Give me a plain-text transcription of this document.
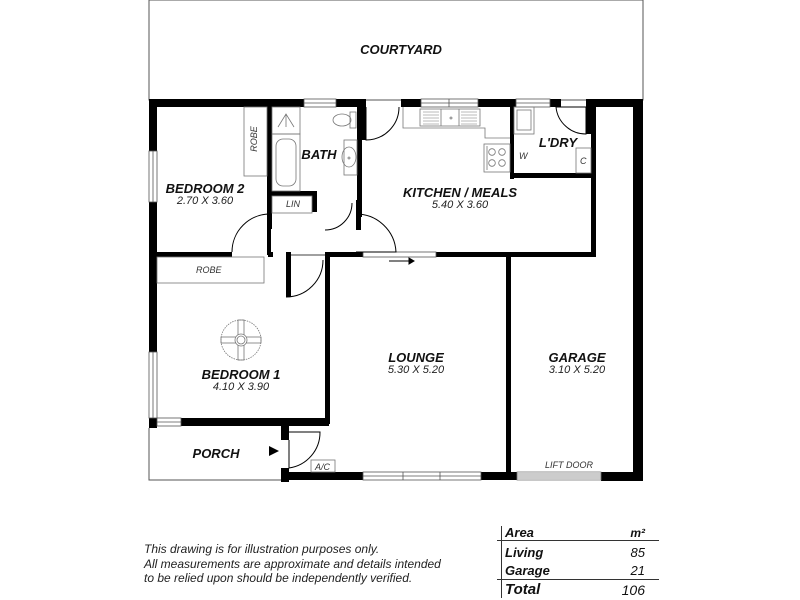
COURTYARD
BEDROOM 2
2.70 X 3.60
BATH
KITCHEN / MEALS
5.40 X 3.60
L'DRY
BEDROOM 1
4.10 X 3.90
LOUNGE
5.30 X 5.20
GARAGE
3.10 X 5.20
PORCH
ROBE
ROBE
LIN
W	C
A/C	LIFT DOOR
This drawing is for illustration purposes only.
All measurements are approximate and details intended
to be relied upon should be independently verified.
Area	m²
Living	85
Garage	21
Total	106
